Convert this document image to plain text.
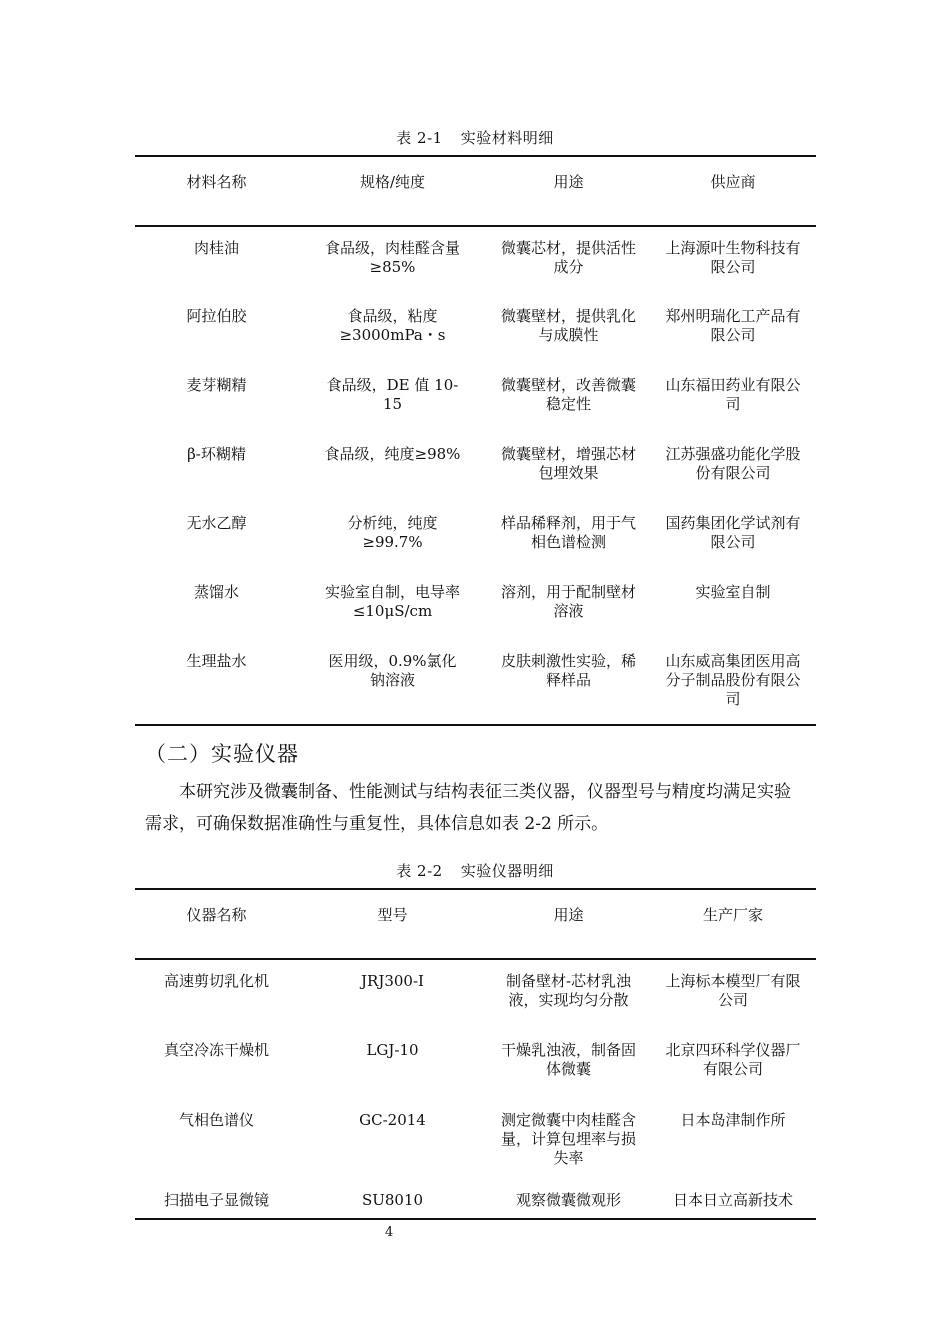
表 2-1 实验材料明细
材料名称	规格/纯度	用途	供应商
肉桂油	食品级，肉桂醛含量≥85%	微囊芯材，提供活性成分	上海源叶生物科技有限公司
阿拉伯胶	食品级，粘度≥3000mPa・s	微囊壁材，提供乳化与成膜性	郑州明瑞化工产品有限公司
麦芽糊精	食品级，DE 值 10-15	微囊壁材，改善微囊稳定性	山东福田药业有限公司
β-环糊精	食品级，纯度≥98%	微囊壁材，增强芯材包埋效果	江苏强盛功能化学股份有限公司
无水乙醇	分析纯，纯度≥99.7%	样品稀释剂，用于气相色谱检测	国药集团化学试剂有限公司
蒸馏水	实验室自制，电导率≤10μS/cm	溶剂，用于配制壁材溶液	实验室自制
生理盐水	医用级，0.9%氯化钠溶液	皮肤刺激性实验，稀释样品	山东威高集团医用高分子制品股份有限公司
（二）实验仪器

本研究涉及微囊制备、性能测试与结构表征三类仪器，仪器型号与精度均满足实验需求，可确保数据准确性与重复性，具体信息如表 2-2 所示。

表 2-2 实验仪器明细
仪器名称	型号	用途	生产厂家
高速剪切乳化机	JRJ300-I	制备壁材-芯材乳浊液，实现均匀分散	上海标本模型厂有限公司
真空冷冻干燥机	LGJ-10	干燥乳浊液，制备固体微囊	北京四环科学仪器厂有限公司
气相色谱仪	GC-2014	测定微囊中肉桂醛含量，计算包埋率与损失率	日本岛津制作所
扫描电子显微镜	SU8010	观察微囊微观形	日本日立高新技术
4
